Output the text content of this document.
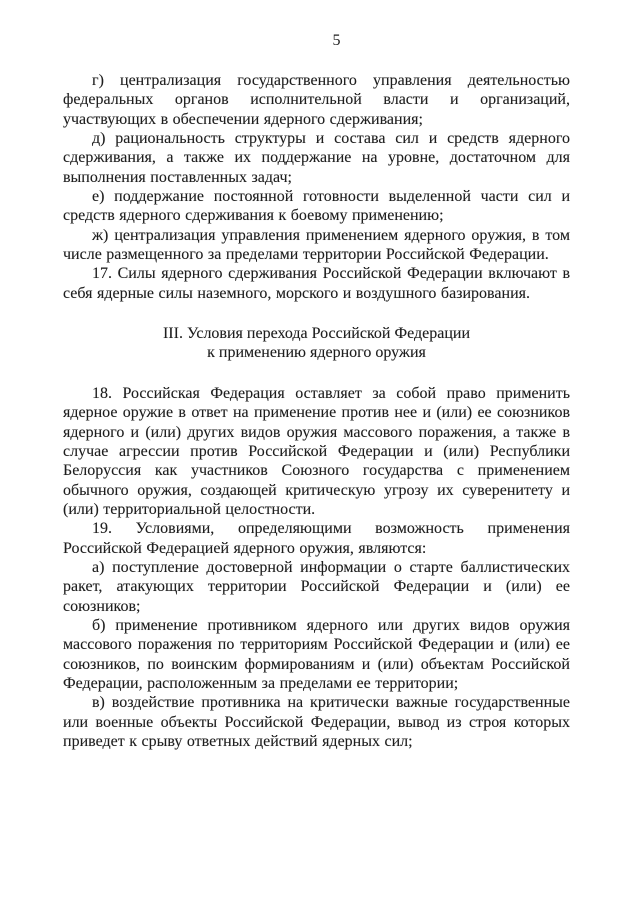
5

г) централизация государственного управления деятельностью федеральных органов исполнительной власти и организаций, участвующих в обеспечении ядерного сдерживания;

д) рациональность структуры и состава сил и средств ядерного сдерживания, а также их поддержание на уровне, достаточном для выполнения поставленных задач;

е) поддержание постоянной готовности выделенной части сил и средств ядерного сдерживания к боевому применению;

ж) централизация управления применением ядерного оружия, в том числе размещенного за пределами территории Российской Федерации.

17. Силы ядерного сдерживания Российской Федерации включают в себя ядерные силы наземного, морского и воздушного базирования.

III. Условия перехода Российской Федерации
к применению ядерного оружия

18. Российская Федерация оставляет за собой право применить ядерное оружие в ответ на применение против нее и (или) ее союзников ядерного и (или) других видов оружия массового поражения, а также в случае агрессии против Российской Федерации и (или) Республики Белоруссия как участников Союзного государства с применением обычного оружия, создающей критическую угрозу их суверенитету и (или) территориальной целостности.

19. Условиями, определяющими возможность применения Российской Федерацией ядерного оружия, являются:

а) поступление достоверной информации о старте баллистических ракет, атакующих территории Российской Федерации и (или) ее союзников;

б) применение противником ядерного или других видов оружия массового поражения по территориям Российской Федерации и (или) ее союзников, по воинским формированиям и (или) объектам Российской Федерации, расположенным за пределами ее территории;

в) воздействие противника на критически важные государственные или военные объекты Российской Федерации, вывод из строя которых приведет к срыву ответных действий ядерных сил;
